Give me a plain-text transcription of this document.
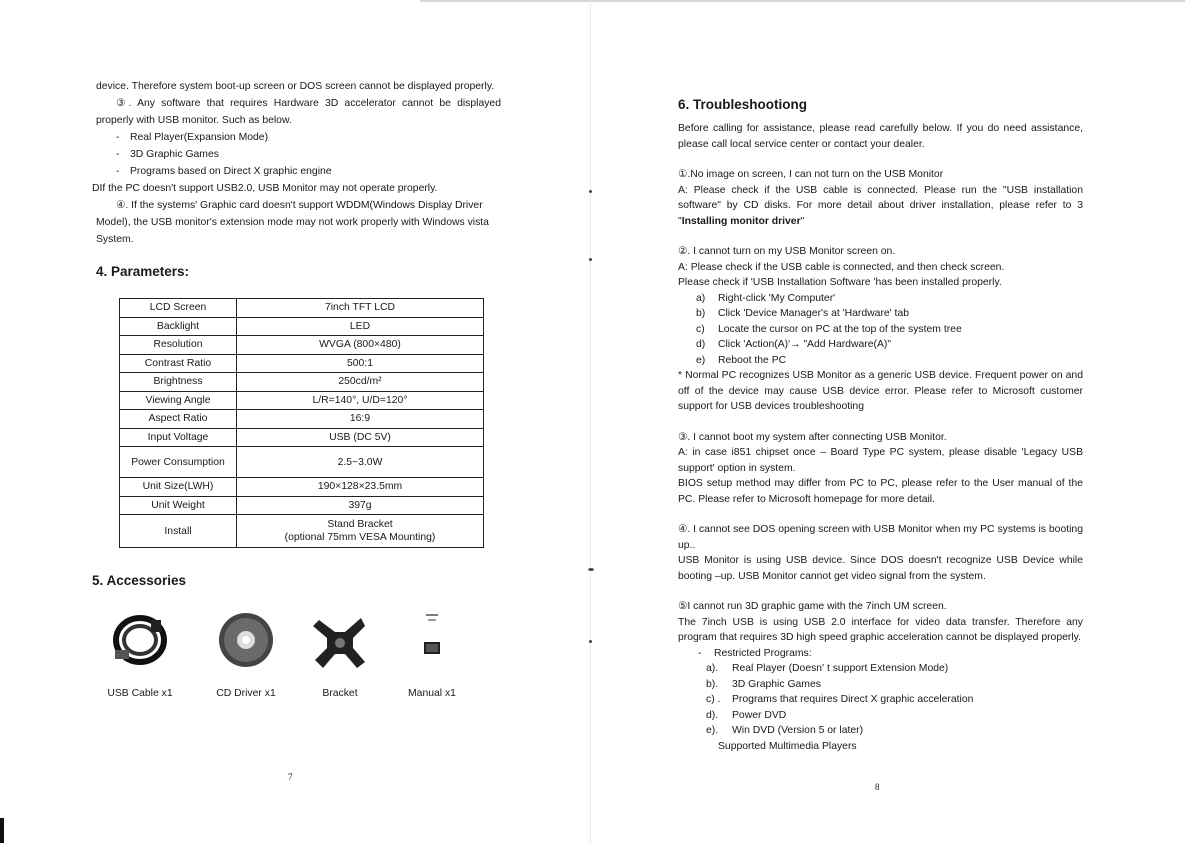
device. Therefore system boot-up screen or DOS screen cannot be displayed properly.

③. Any software that requires Hardware 3D accelerator cannot be displayed properly with USB monitor. Such as below.

- Real Player(Expansion Mode)

- 3D Graphic Games

- Programs based on Direct X graphic engine

DIf the PC doesn't support USB2.0, USB Monitor may not operate properly.

④. If the systems' Graphic card doesn't support WDDM(Windows Display Driver Model), the USB monitor's extension mode may not work properly with Windows vista System.

4. Parameters:
LCD Screen	7inch TFT LCD
Backlight	LED
Resolution	WVGA (800×480)
Contrast Ratio	500:1
Brightness	250cd/m²
Viewing Angle	L/R=140°, U/D=120°
Aspect Ratio	16:9
Input Voltage	USB (DC 5V)
Power Consumption	2.5~3.0W
Unit Size(LWH)	190×128×23.5mm
Unit Weight	397g
Install	Stand Bracket
(optional 75mm VESA Mounting)
5. Accessories
USB Cable x1	CD Driver x1	Bracket	Manual x1
7
6. Troubleshootiong

Before calling for assistance, please read carefully below. If you do need assistance, please call local service center or contact your dealer.

①.No image on screen, I can not turn on the USB Monitor

A: Please check if the USB cable is connected. Please run the "USB installation software" by CD disks. For more detail about driver installation, please refer to 3 "Installing monitor driver"

②. I cannot turn on my USB Monitor screen on.

A: Please check if the USB cable is connected, and then check screen.

Please check if 'USB Installation Software 'has been installed properly.

a) Right-click 'My Computer'

b) Click 'Device Manager's at 'Hardware' tab

c) Locate the cursor on PC at the top of the system tree

d) Click 'Action(A)'→ "Add Hardware(A)"

e) Reboot the PC

* Normal PC recognizes USB Monitor as a generic USB device. Frequent power on and off of the device may cause USB device error. Please refer to Microsoft customer support for USB devices troubleshooting

③. I cannot boot my system after connecting USB Monitor.

A: in case i851 chipset once – Board Type PC system, please disable 'Legacy USB support' option in system.

BIOS setup method may differ from PC to PC, please refer to the User manual of the PC. Please refer to Microsoft homepage for more detail.

④. I cannot see DOS opening screen with USB Monitor when my PC systems is booting up..

USB Monitor is using USB device. Since DOS doesn't recognize USB Device while booting –up. USB Monitor cannot get video signal from the system.

⑤I cannot run 3D graphic game with the 7inch UM screen.

The 7inch USB is using USB 2.0 interface for video data transfer. Therefore any program that requires 3D high speed graphic acceleration cannot be displayed properly.

- Restricted Programs:

a). Real Player (Doesn' t support Extension Mode)

b). 3D Graphic Games

c) . Programs that requires Direct X graphic acceleration

d). Power DVD

e). Win DVD (Version 5 or later)

Supported Multimedia Players

8
